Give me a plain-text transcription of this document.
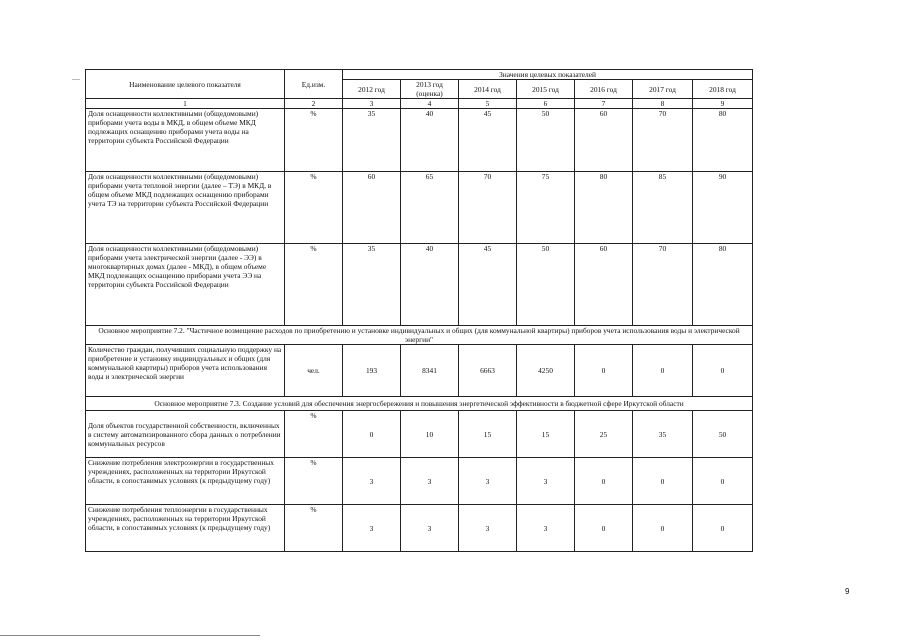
Наименование целевого показателя	Ед.изм.	Значения целевых показателей						
		2012 год	2013 год (оценка)	2014 год	2015 год	2016 год	2017 год	2018 год
1	2	3	4	5	6	7	8	9
Доля оснащенности коллективными (общедомовыми) приборами учета воды в МКД, в общем объеме МКД подлежащих оснащению приборами учета воды на территории субъекта Российской Федерации	%	35	40	45	50	60	70	80
Доля оснащенности коллективными (общедомовыми) приборами учета тепловой энергии (далее – ТЭ) в МКД, в общем объеме МКД подлежащих оснащению приборами учета ТЭ на территории субъекта Российской Федерации	%	60	65	70	75	80	85	90
Доля оснащенности коллективными (общедомовыми) приборами учета электрической энергии (далее - ЭЭ) в многоквартирных домах (далее - МКД), в общем объеме МКД подлежащих оснащению приборами учета ЭЭ на территории субъекта Российской Федерации	%	35	40	45	50	60	70	80
Основное мероприятие 7.2. "Частичное возмещение расходов по приобретению и установке индивидуальных и общих (для коммунальной квартиры) приборов учета использования воды и электрической энергии"								
Количество граждан, получивших социальную поддержку на приобретение и установку индивидуальных и общих (для коммунальной квартиры) приборов учета использования воды и электрической энергии	чел.	193	8341	6663	4250	0	0	0
Основное мероприятие 7.3. Создание условий для обеспечения энергосбережения и повышения энергетической эффективности в бюджетной сфере Иркутской области								
Доля объектов государственной собственности, включенных в систему автоматизированного сбора данных о потреблении коммунальных ресурсов	%	0	10	15	15	25	35	50
Снижение потребления электроэнергии в государственных учреждениях, расположенных на территории Иркутской области, в сопоставимых условиях (к предыдущему году)	%	3	3	3	3	0	0	0
Снижение потребления теплоэнергии в государственных учреждениях, расположенных на территории Иркутской области, в сопоставимых условиях (к предыдущему году)	%	3	3	3	3	0	0	0
9
